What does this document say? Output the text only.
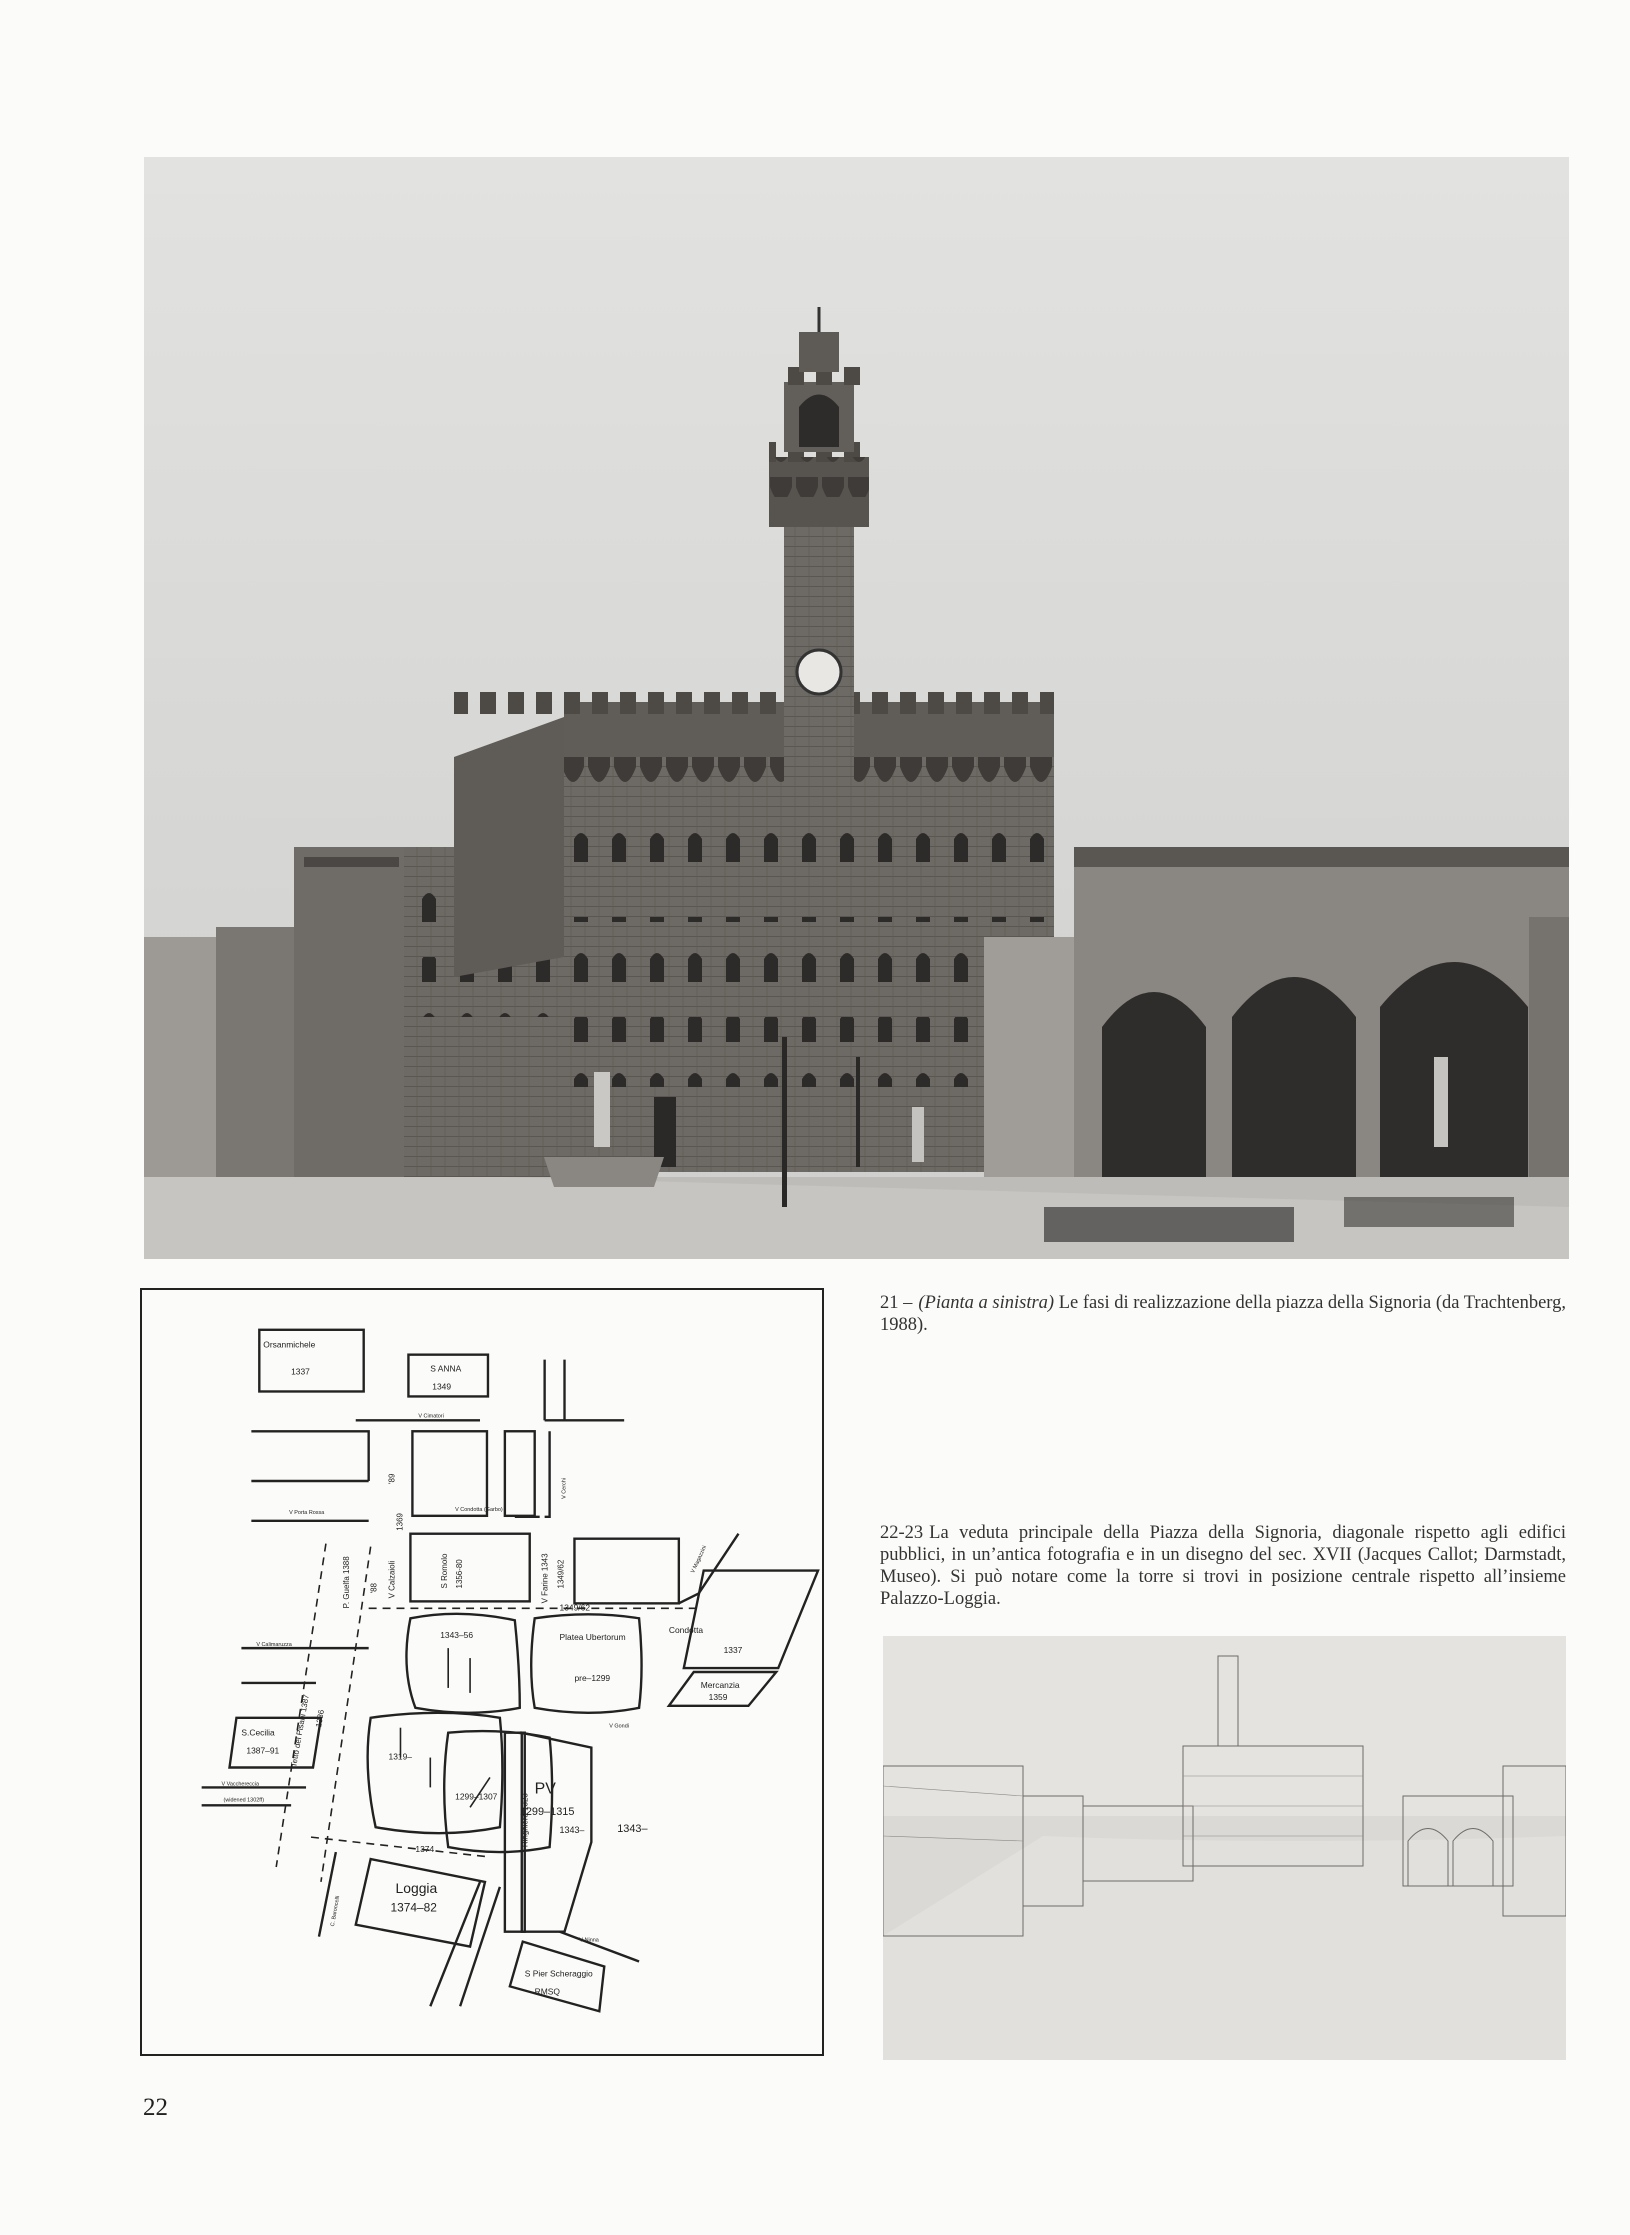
Orsanmichele
1337	S ANNA
1349
V Cimatori
V Porta Rossa	V Condotta (Garbo)
V Calimaruzza
V Gondi
V Ninna
V Vacchereccia
(widened 1302ff)
Condotta
1337
Mercanzia
1359
Platea Ubertorum
pre–1299
1343–56
S.Cecilia
1387–91
1319–
1299–1307
1374
1343–	1343–
PV
1299–1315
Loggia
1374–82
S Pier Scheraggio
RMSQ
1349/62 –
'89
1369
'88
P. Guelfa 1388	V Calzaioli	S Romolo 1356-80	V Farine 1343 1349/62
V Cerchi
V Magazzini
Tetto dei Pisani 1387 1386
Ringhiera 1323
C. Baroncelli
21 – (Pianta a sinistra) Le fasi di realizzazione della piazza della Signoria (da Trachtenberg, 1988).
22-23 La veduta principale della Piazza della Signoria, diagonale rispetto agli edifici pubblici, in un’antica fotografia e in un disegno del sec. XVII (Jacques Callot; Darmstadt, Museo). Si può notare come la torre si trovi in posizione centrale rispetto all’insieme Palazzo-Loggia.
22
